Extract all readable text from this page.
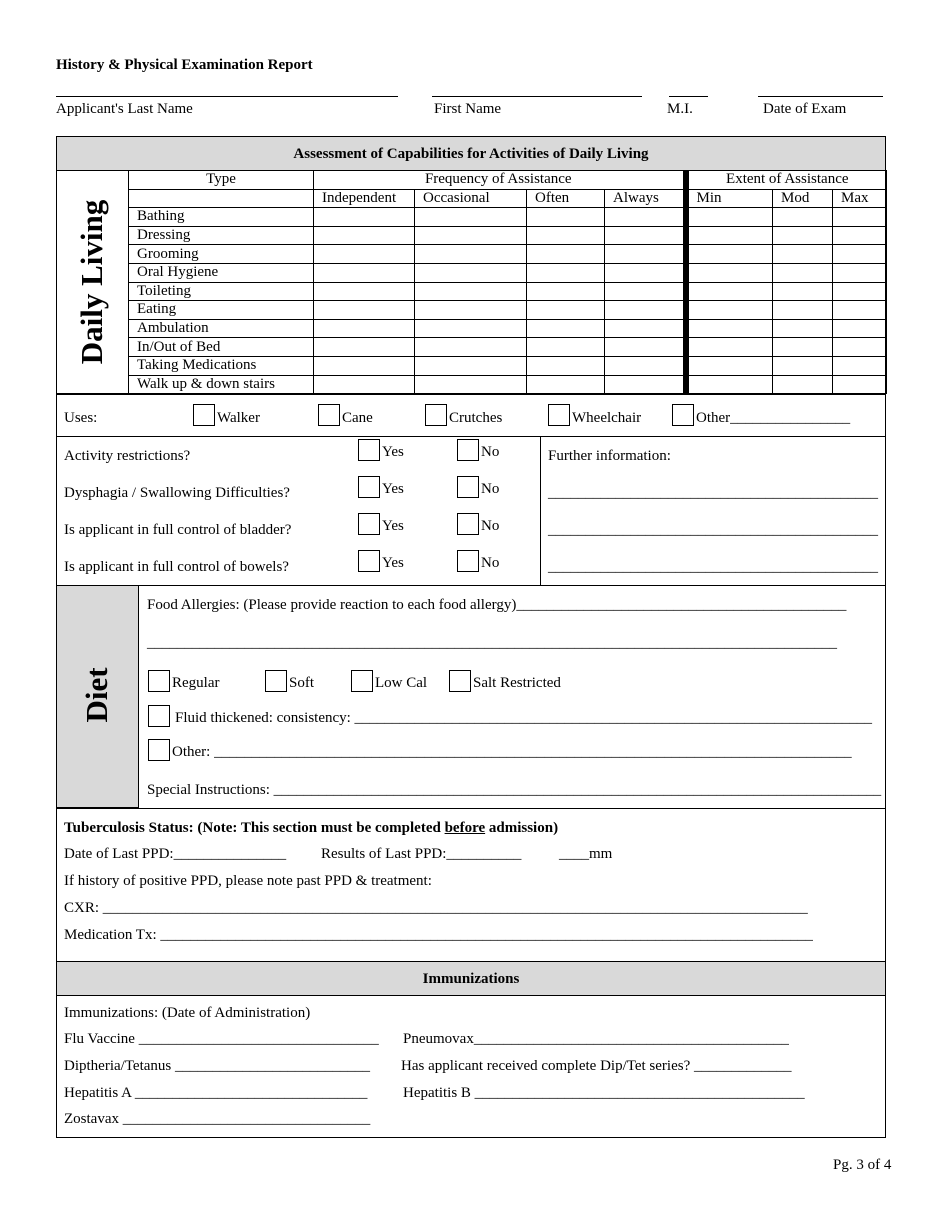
History & Physical Examination Report
Applicant's Last Name	First Name	M.I.	Date of Exam
Assessment of Capabilities for Activities of Daily Living
Daily Living
Type	Frequency of Assistance				Extent of Assistance		
	Independent	Occasional	Often	Always	Min	Mod	Max
Bathing							
Dressing							
Grooming							
Oral Hygiene							
Toileting							
Eating							
Ambulation							
In/Out of Bed							
Taking Medications							
Walk up & down stairs							
Uses:	Walker	Cane	Crutches	Wheelchair	Other________________
Activity restrictions?	Yes	No
Dysphagia / Swallowing Difficulties?	Yes	No
Is applicant in full control of bladder?	Yes	No
Is applicant in full control of bowels?	Yes	No
Further information:
____________________________________________
____________________________________________
____________________________________________
Diet
Food Allergies: (Please provide reaction to each food allergy)____________________________________________
____________________________________________________________________________________________
Regular	Soft	Low Cal	Salt Restricted
Fluid thickened: consistency: _____________________________________________________________________
Other: _____________________________________________________________________________________
Special Instructions: _________________________________________________________________________________
Tuberculosis Status: (Note: This section must be completed before admission)
Date of Last PPD:_______________ Results of Last PPD:__________	____mm
If history of positive PPD, please note past PPD & treatment:
CXR: ______________________________________________________________________________________________
Medication Tx: _______________________________________________________________________________________
Immunizations
Immunizations: (Date of Administration)
Flu Vaccine ________________________________ Pneumovax__________________________________________
Diptheria/Tetanus __________________________ Has applicant received complete Dip/Tet series? _____________
Hepatitis A _______________________________ Hepatitis B ____________________________________________
Zostavax _________________________________
Pg. 3 of 4
